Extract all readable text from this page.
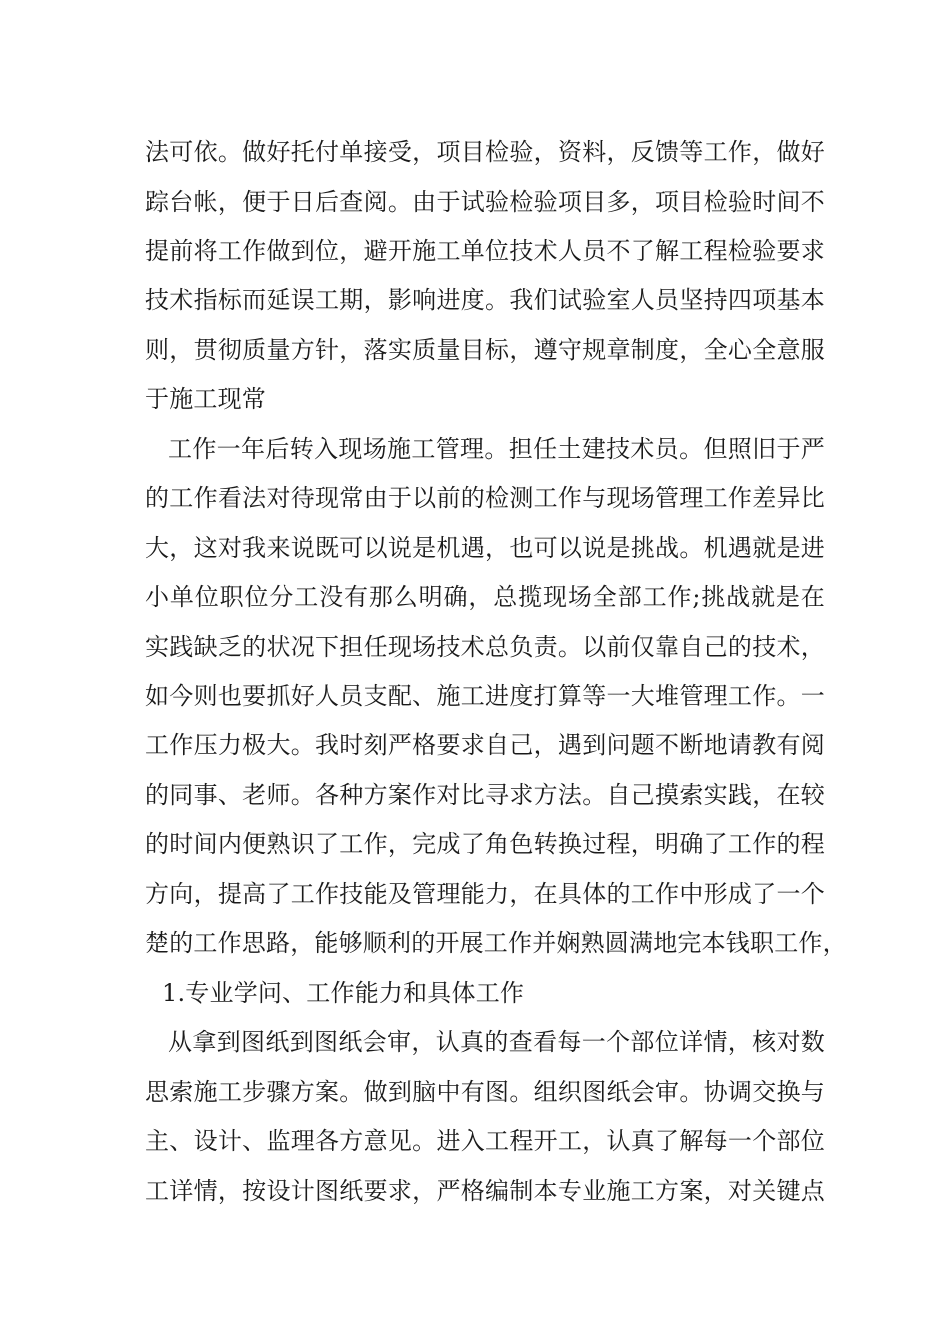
法可依。做好托付单接受，项目检验，资料，反馈等工作，做好
踪台帐，便于日后查阅。由于试验检验项目多，项目检验时间不
提前将工作做到位，避开施工单位技术人员不了解工程检验要求
技术指标而延误工期，影响进度。我们试验室人员坚持四项基本
则，贯彻质量方针，落实质量目标，遵守规章制度，全心全意服
于施工现常
工作一年后转入现场施工管理。担任土建技术员。但照旧于严
的工作看法对待现常由于以前的检测工作与现场管理工作差异比
大，这对我来说既可以说是机遇，也可以说是挑战。机遇就是进
小单位职位分工没有那么明确，总揽现场全部工作;挑战就是在
实践缺乏的状况下担任现场技术总负责。以前仅靠自己的技术，
如今则也要抓好人员支配、施工进度打算等一大堆管理工作。一
工作压力极大。我时刻严格要求自己，遇到问题不断地请教有阅
的同事、老师。各种方案作对比寻求方法。自己摸索实践，在较
的时间内便熟识了工作，完成了角色转换过程，明确了工作的程
方向，提高了工作技能及管理能力，在具体的工作中形成了一个
楚的工作思路，能够顺利的开展工作并娴熟圆满地完本钱职工作，
1.专业学问、工作能力和具体工作
从拿到图纸到图纸会审，认真的查看每一个部位详情，核对数
思索施工步骤方案。做到脑中有图。组织图纸会审。协调交换与
主、设计、监理各方意见。进入工程开工，认真了解每一个部位
工详情，按设计图纸要求，严格编制本专业施工方案，对关键点
